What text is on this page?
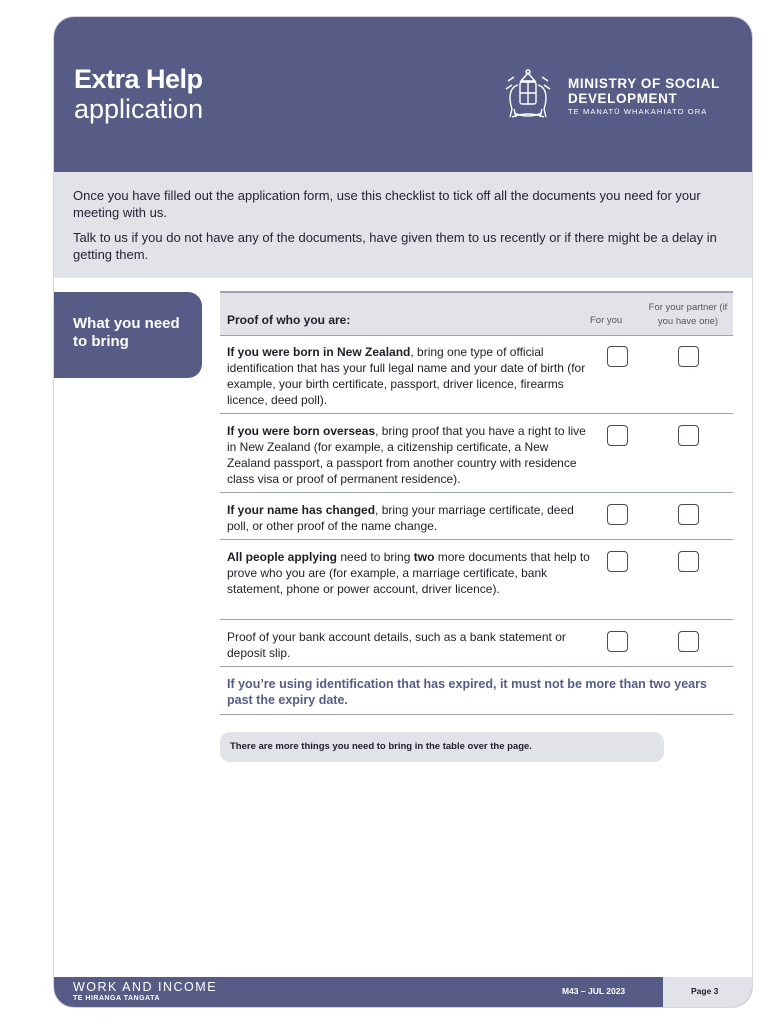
Extra Help
application
MINISTRY OF SOCIAL
DEVELOPMENT
TE MANATŪ WHAKAHIATO ORA

Once you have filled out the application form, use this checklist to tick off all the documents you need for your meeting with us.

Talk to us if you do not have any of the documents, have given them to us recently or if there might be a delay in getting them.

What you need to bring
Proof of who you are:	For you
For your partner (if you have one)
If you were born in New Zealand, bring one type of official identification that has your full legal name and your date of birth (for example, your birth certificate, passport, driver licence, firearms licence, deed poll).
If you were born overseas, bring proof that you have a right to live in New Zealand (for example, a citizenship certificate, a New Zealand passport, a passport from another country with residence class visa or proof of permanent residence).
If your name has changed, bring your marriage certificate, deed poll, or other proof of the name change.
All people applying need to bring two more documents that help to prove who you are (for example, a marriage certificate, bank statement, phone or power account, driver licence).
Proof of your bank account details, such as a bank statement or deposit slip.
If you’re using identification that has expired, it must not be more than two years past the expiry date.
There are more things you need to bring in the table over the page.
WORK AND INCOME
TE HIRANGA TANGATA
M43 – JUL 2023	Page 3
